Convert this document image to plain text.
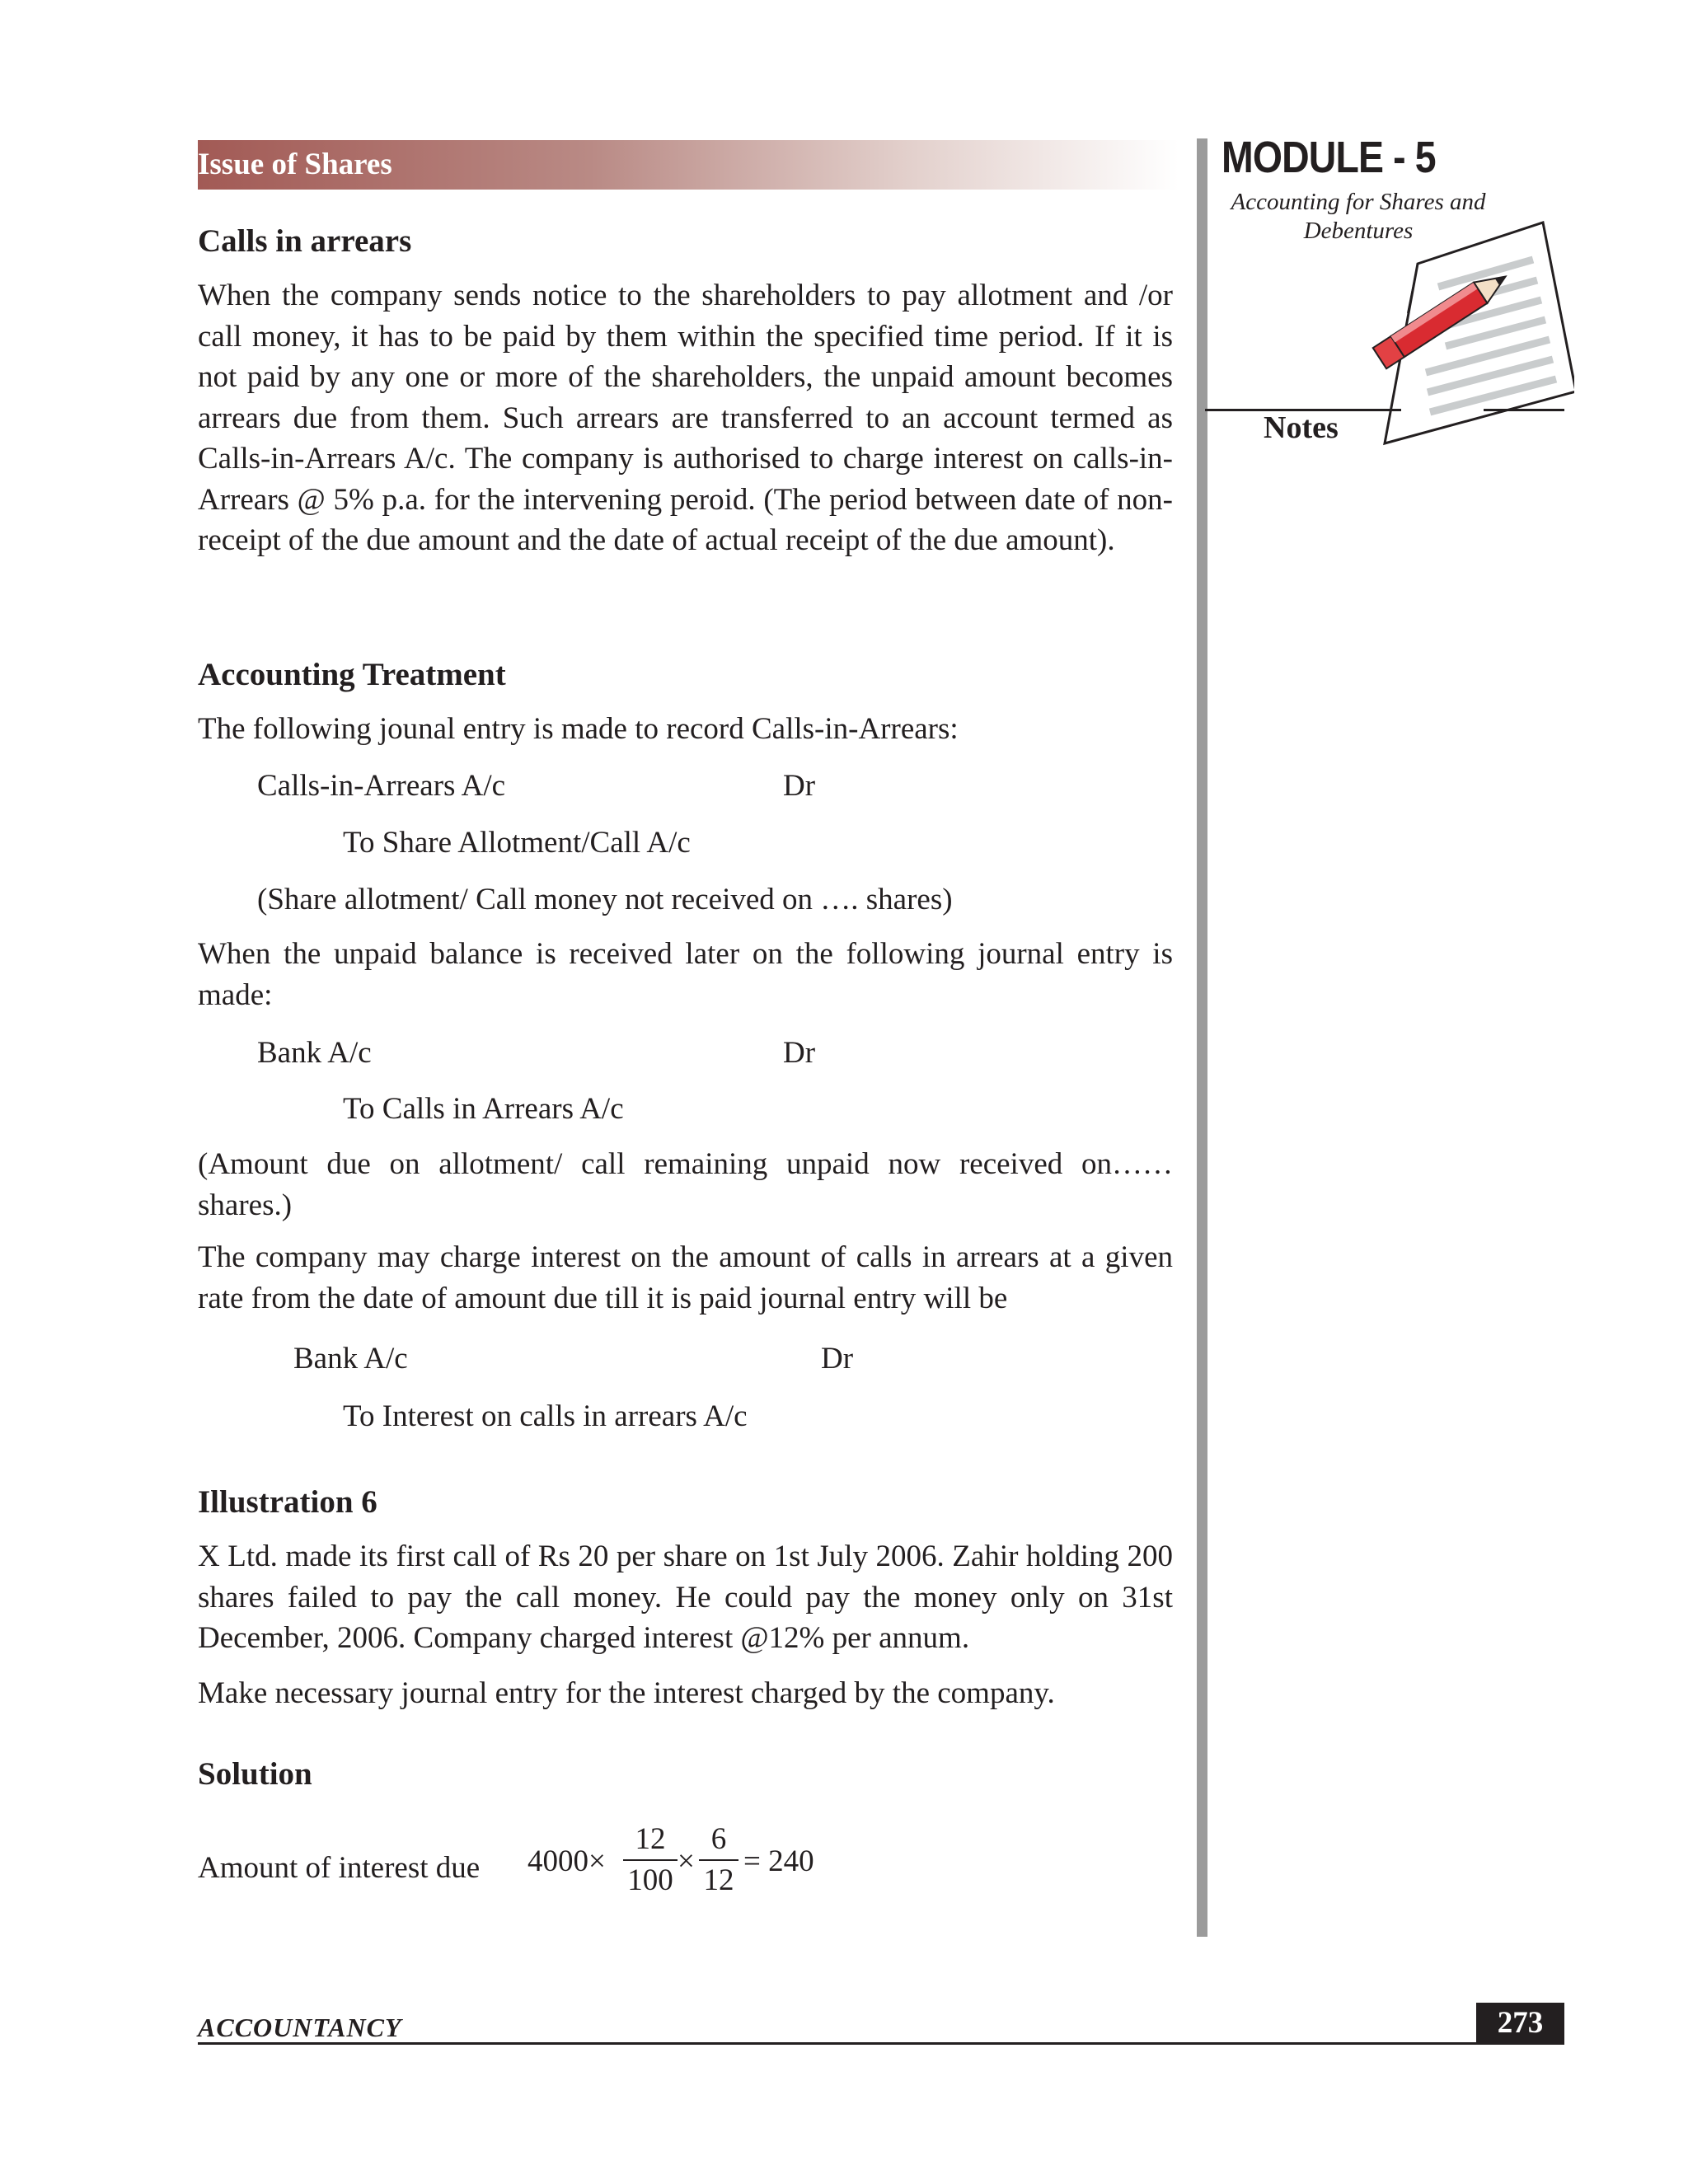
Issue of Shares	MODULE - 5
Accounting for Shares and Debentures
Notes
Calls in arrears
When the company sends notice to the shareholders to pay allotment and /or call money, it has to be paid by them within the specified time period. If it is not paid by any one or more of the shareholders, the unpaid amount becomes arrears due from them. Such arrears are transferred to an account termed as Calls-in-Arrears A/c. The company is authorised to charge interest on calls-in-Arrears @ 5% p.a. for the intervening peroid. (The period between date of non-receipt of the due amount and the date of actual receipt of the due amount).
Accounting Treatment
The following jounal entry is made to record Calls-in-Arrears:
Calls-in-Arrears A/c	Dr
To Share Allotment/Call A/c
(Share allotment/ Call money not received on …. shares)
When the unpaid balance is received later on the following journal entry is made:
Bank A/c	Dr
To Calls in Arrears A/c
(Amount due on allotment/ call remaining unpaid now received on…… shares.)
The company may charge interest on the amount of calls in arrears at a given rate from the date of amount due till it is paid journal entry will be
Bank A/c	Dr
To Interest on calls in arrears A/c
Illustration 6
X Ltd. made its first call of Rs 20 per share on 1st July 2006. Zahir holding 200 shares failed to pay the call money. He could pay the money only on 31st December, 2006. Company charged interest @12% per annum.
Make necessary journal entry for the interest charged by the company.
Solution
Amount of interest due $4000\times \frac{12}{100} \times \frac{6}{12} = 240$
ACCOUNTANCY	273
